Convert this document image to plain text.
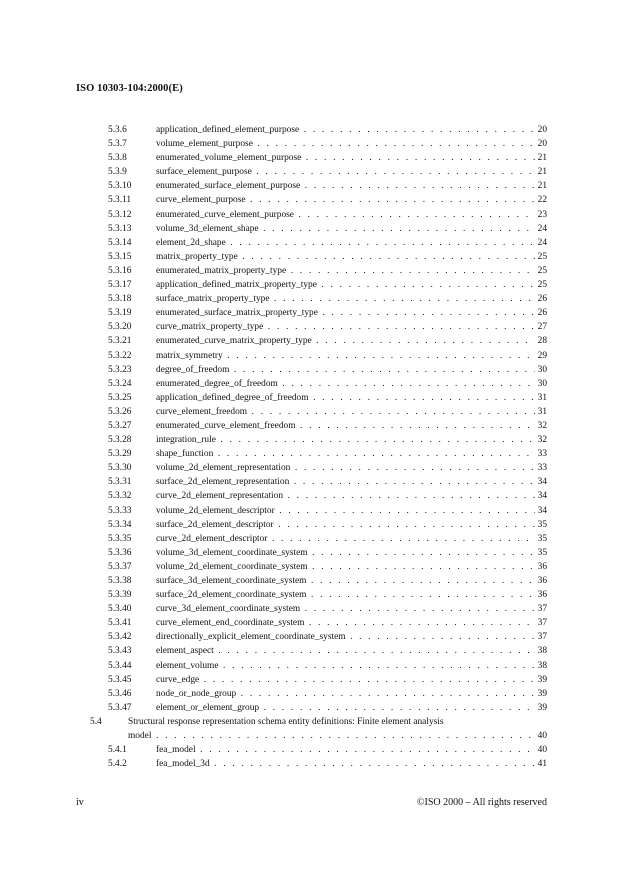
ISO 10303-104:2000(E)
5.3.6	application_defined_element_purpose . . .	20
5.3.7	volume_element_purpose . . .	20
5.3.8	enumerated_volume_element_purpose . . .	21
5.3.9	surface_element_purpose . . .	21
5.3.10	enumerated_surface_element_purpose . . .	21
5.3.11	curve_element_purpose . . .	22
5.3.12	enumerated_curve_element_purpose . . .	23
5.3.13	volume_3d_element_shape . . .	24
5.3.14	element_2d_shape . . .	24
5.3.15	matrix_property_type . . .	25
5.3.16	enumerated_matrix_property_type . . .	25
5.3.17	application_defined_matrix_property_type . . .	25
5.3.18	surface_matrix_property_type . . .	26
5.3.19	enumerated_surface_matrix_property_type . . .	26
5.3.20	curve_matrix_property_type . . .	27
5.3.21	enumerated_curve_matrix_property_type . . .	28
5.3.22	matrix_symmetry . . .	29
5.3.23	degree_of_freedom . . .	30
5.3.24	enumerated_degree_of_freedom . . .	30
5.3.25	application_defined_degree_of_freedom . . .	31
5.3.26	curve_element_freedom . . .	31
5.3.27	enumerated_curve_element_freedom . . .	32
5.3.28	integration_rule . . .	32
5.3.29	shape_function . . .	33
5.3.30	volume_2d_element_representation . . .	33
5.3.31	surface_2d_element_representation . . .	34
5.3.32	curve_2d_element_representation . . .	34
5.3.33	volume_2d_element_descriptor . . .	34
5.3.34	surface_2d_element_descriptor . . .	35
5.3.35	curve_2d_element_descriptor . . .	35
5.3.36	volume_3d_element_coordinate_system . . .	35
5.3.37	volume_2d_element_coordinate_system . . .	36
5.3.38	surface_3d_element_coordinate_system . . .	36
5.3.39	surface_2d_element_coordinate_system . . .	36
5.3.40	curve_3d_element_coordinate_system . . .	37
5.3.41	curve_element_end_coordinate_system . . .	37
5.3.42	directionally_explicit_element_coordinate_system . . .	37
5.3.43	element_aspect . . .	38
5.3.44	element_volume . . .	38
5.3.45	curve_edge . . .	39
5.3.46	node_or_node_group . . .	39
5.3.47	element_or_element_group . . .	39
5.4	Structural response representation schema entity definitions: Finite element analysis
model . . .	40
5.4.1	fea_model . . .	40
5.4.2	fea_model_3d . . .	41
iv	©ISO 2000 – All rights reserved
